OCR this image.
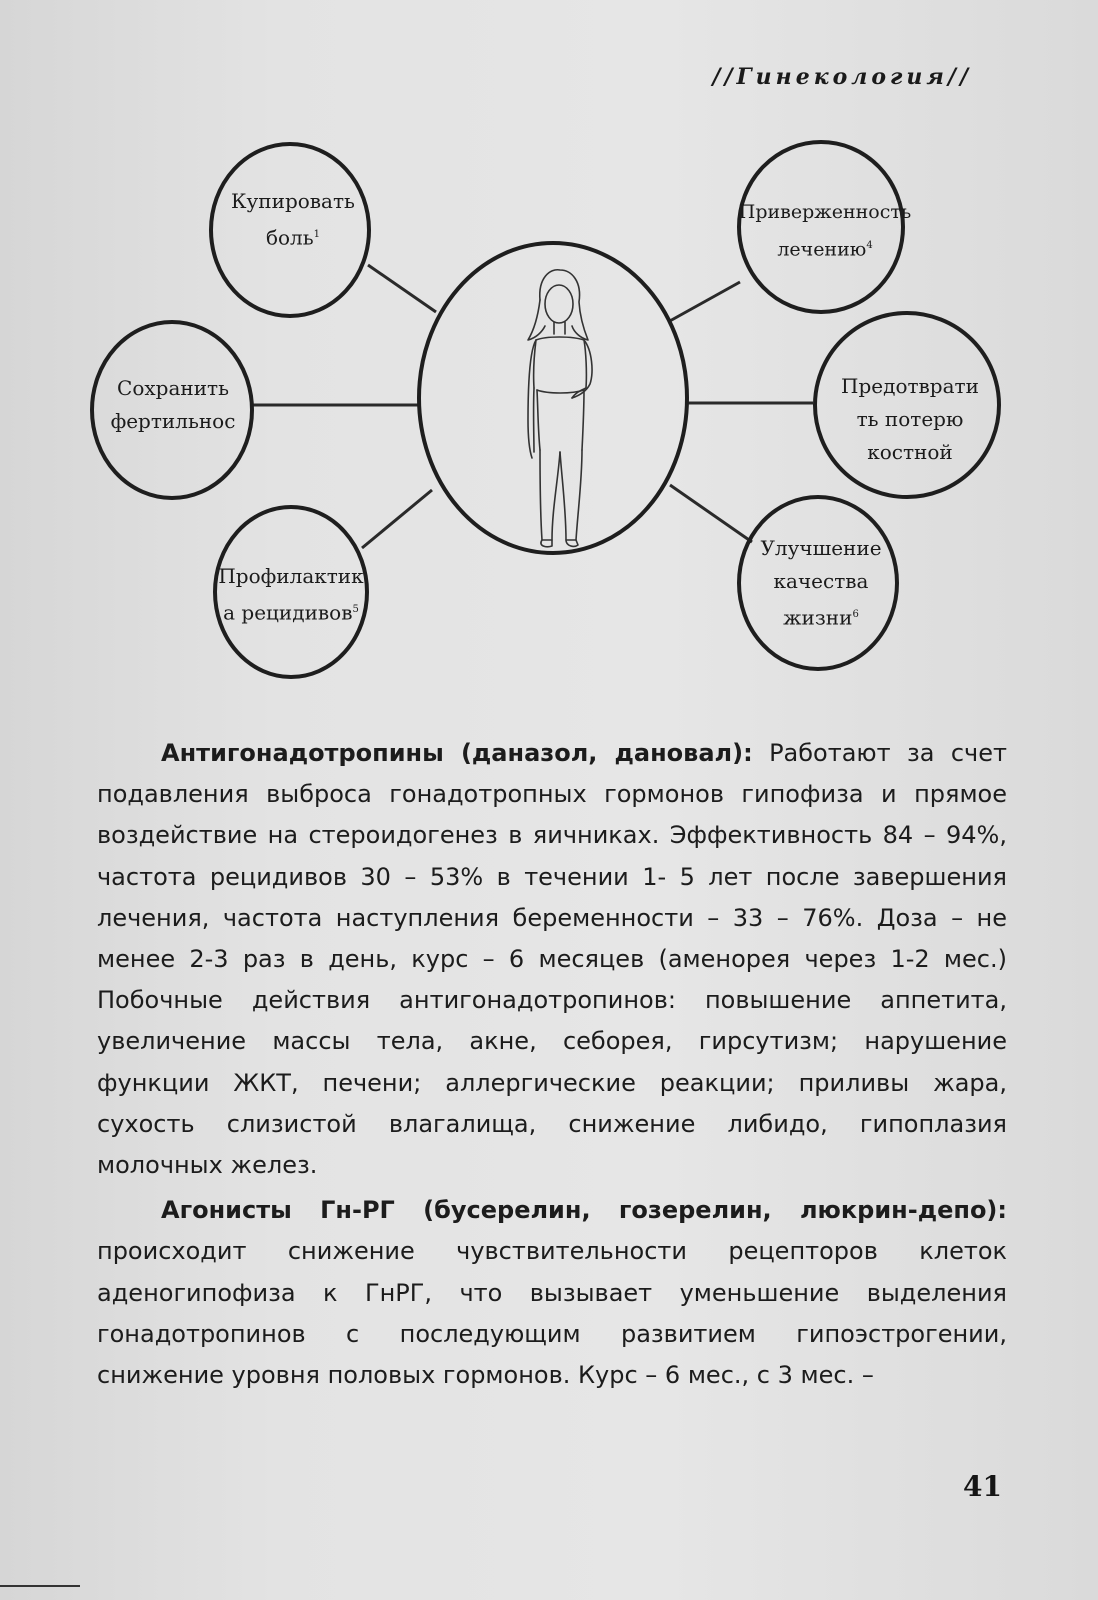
//Гинекология//
Купировать
боль$^1$
Приверженность
лечению$^4$
Сохранить
фертильнос
Предотврати
ть потерю
костной
Профилактик
а рецидивов$^5$
Улучшение
качества
жизни$^6$

Антигонадотропины (даназол, дановал): Работают за счет подавления выброса гонадотропных гормонов гипофиза и прямое воздействие на стероидогенез в яичниках. Эффективность 84 – 94%, частота рецидивов 30 – 53% в течении 1- 5 лет после завершения лечения, частота наступления беременности – 33 – 76%. Доза – не менее 2-3 раз в день, курс – 6 месяцев (аменорея через 1-2 мес.) Побочные действия антигонадотропинов: повышение аппетита, увеличение массы тела, акне, себорея, гирсутизм; нарушение функции ЖКТ, печени; аллергические реакции; приливы жара, сухость слизистой влагалища, снижение либидо, гипоплазия молочных желез.

Агонисты Гн-РГ (бусерелин, гозерелин, люкрин-депо): происходит снижение чувствительности рецепторов клеток аденогипофиза к ГнРГ, что вызывает уменьшение выделения гонадотропинов с последующим развитием гипоэстрогении, снижение уровня половых гормонов. Курс – 6 мес., с 3 мес. –

41
